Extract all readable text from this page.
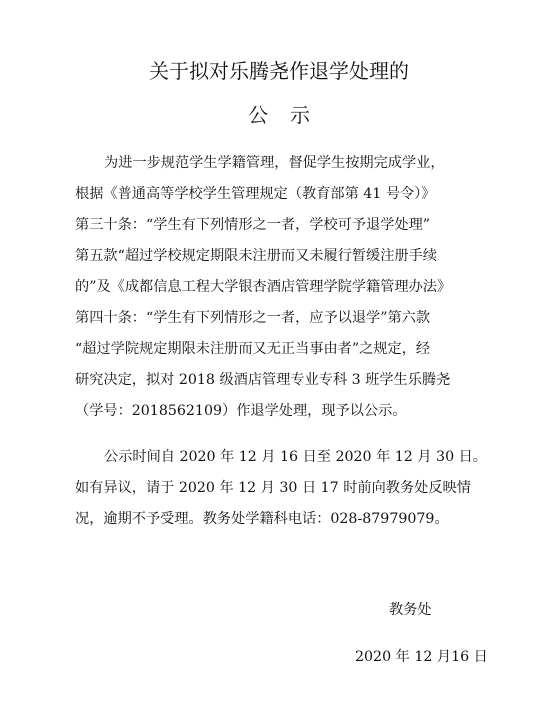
关于拟对乐腾尧作退学处理的
公示
为进一步规范学生学籍管理，督促学生按期完成学业，
根据《普通高等学校学生管理规定（教育部第 41 号令）》
第三十条：“学生有下列情形之一者，学校可予退学处理”
第五款“超过学校规定期限未注册而又未履行暂缓注册手续
的”及《成都信息工程大学银杏酒店管理学院学籍管理办法》
第四十条：“学生有下列情形之一者，应予以退学”第六款
“超过学院规定期限未注册而又无正当事由者”之规定，经
研究决定，拟对 2018 级酒店管理专业专科 3 班学生乐腾尧
（学号：2018562109）作退学处理，现予以公示。
公示时间自 2020 年 12 月 16 日至 2020 年 12 月 30 日。
如有异议，请于 2020 年 12 月 30 日 17 时前向教务处反映情
况，逾期不予受理。教务处学籍科电话：028-87979079。
教务处
2020 年 12 月16 日
